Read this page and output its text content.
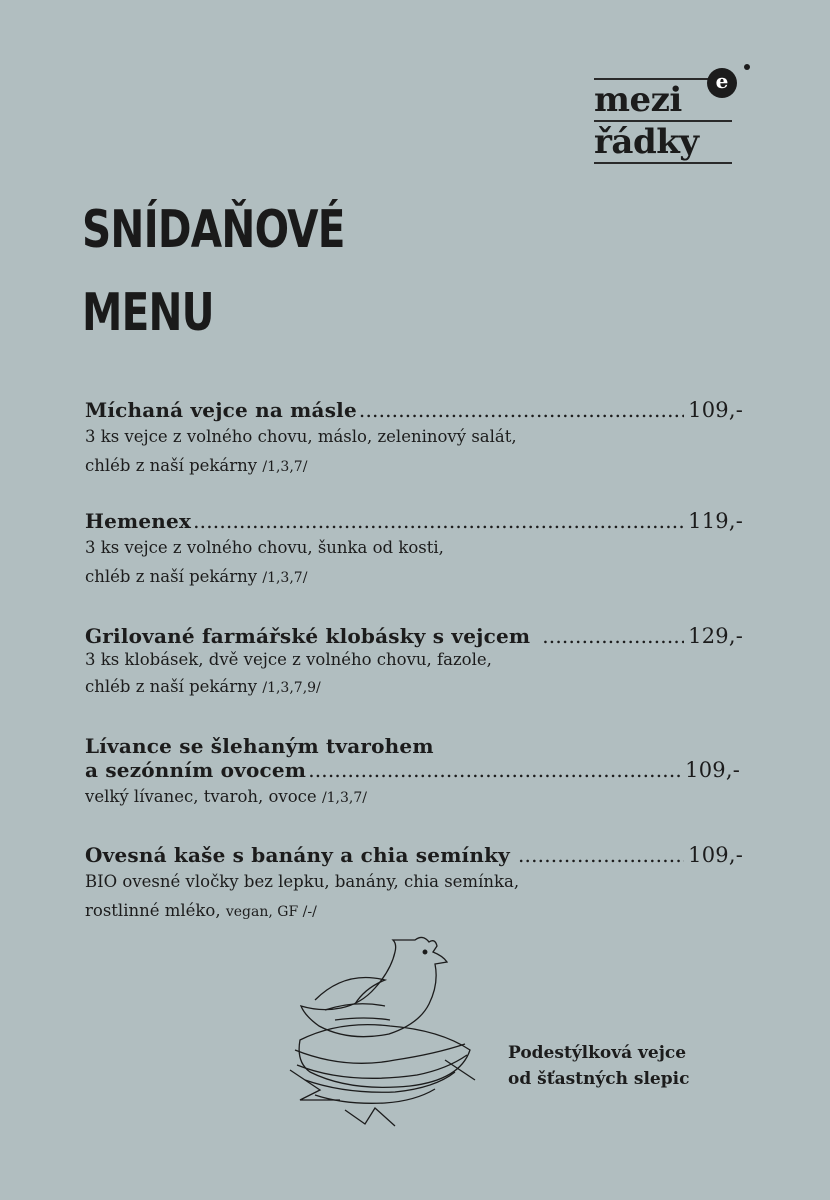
mezi
řádky
e
SNÍDAŇOVÉ
MENU
Míchaná vejce na másle .....	109,-
3 ks vejce z volného chovu, máslo, zeleninový salát,
chléb z naší pekárny /1,3,7/
Hemenex .....	119,-
3 ks vejce z volného chovu, šunka od kosti,
chléb z naší pekárny /1,3,7/
Grilované farmářské klobásky s vejcem .....	129,-
3 ks klobásek, dvě vejce z volného chovu, fazole,
chléb z naší pekárny /1,3,7,9/
Lívance se šlehaným tvarohem
a sezónním ovocem .....	109,-
velký lívanec, tvaroh, ovoce /1,3,7/
Ovesná kaše s banány a chia semínky .....	109,-
BIO ovesné vločky bez lepku, banány, chia semínka,
rostlinné mléko, vegan, GF /-/
Podestýlková vejce
od šťastných slepic
